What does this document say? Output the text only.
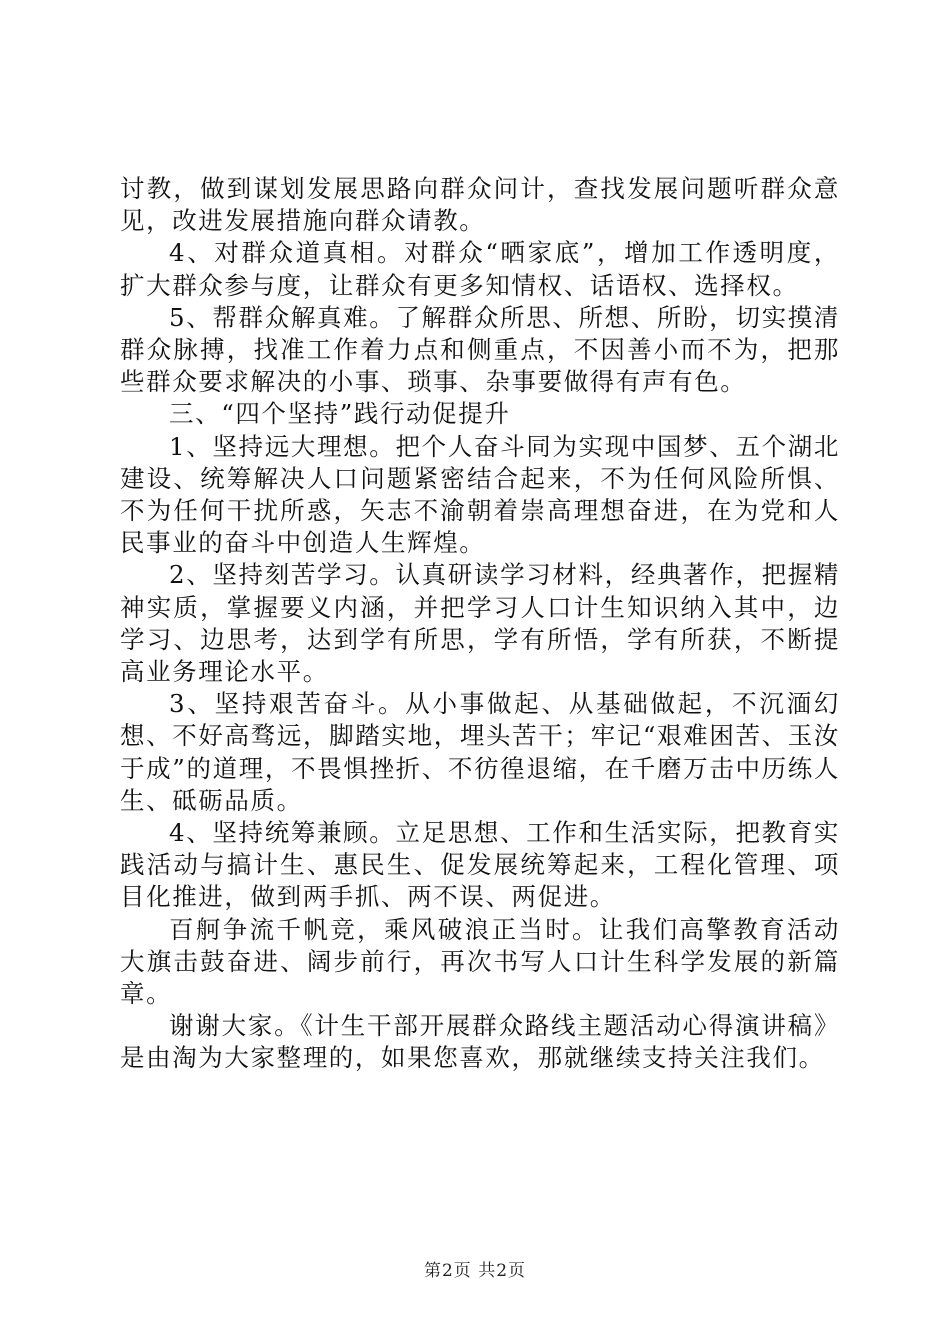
讨教，做到谋划发展思路向群众问计，查找发展问题听群众意见，改进发展措施向群众请教。

4、对群众道真相。对群众“晒家底”，增加工作透明度，扩大群众参与度，让群众有更多知情权、话语权、选择权。

5、帮群众解真难。了解群众所思、所想、所盼，切实摸清群众脉搏，找准工作着力点和侧重点，不因善小而不为，把那些群众要求解决的小事、琐事、杂事要做得有声有色。

三、“四个坚持”践行动促提升

1、坚持远大理想。把个人奋斗同为实现中国梦、五个湖北建设、统筹解决人口问题紧密结合起来，不为任何风险所惧、不为任何干扰所惑，矢志不渝朝着崇高理想奋进，在为党和人民事业的奋斗中创造人生辉煌。

2、坚持刻苦学习。认真研读学习材料，经典著作，把握精神实质，掌握要义内涵，并把学习人口计生知识纳入其中，边学习、边思考，达到学有所思，学有所悟，学有所获，不断提高业务理论水平。

3、坚持艰苦奋斗。从小事做起、从基础做起，不沉湎幻想、不好高骛远，脚踏实地，埋头苦干；牢记“艰难困苦、玉汝于成”的道理，不畏惧挫折、不彷徨退缩，在千磨万击中历练人生、砥砺品质。

4、坚持统筹兼顾。立足思想、工作和生活实际，把教育实践活动与搞计生、惠民生、促发展统筹起来，工程化管理、项目化推进，做到两手抓、两不误、两促进。

百舸争流千帆竞，乘风破浪正当时。让我们高擎教育活动大旗击鼓奋进、阔步前行，再次书写人口计生科学发展的新篇章。

谢谢大家。《计生干部开展群众路线主题活动心得演讲稿》是由淘为大家整理的，如果您喜欢，那就继续支持关注我们。

第2页 共2页
